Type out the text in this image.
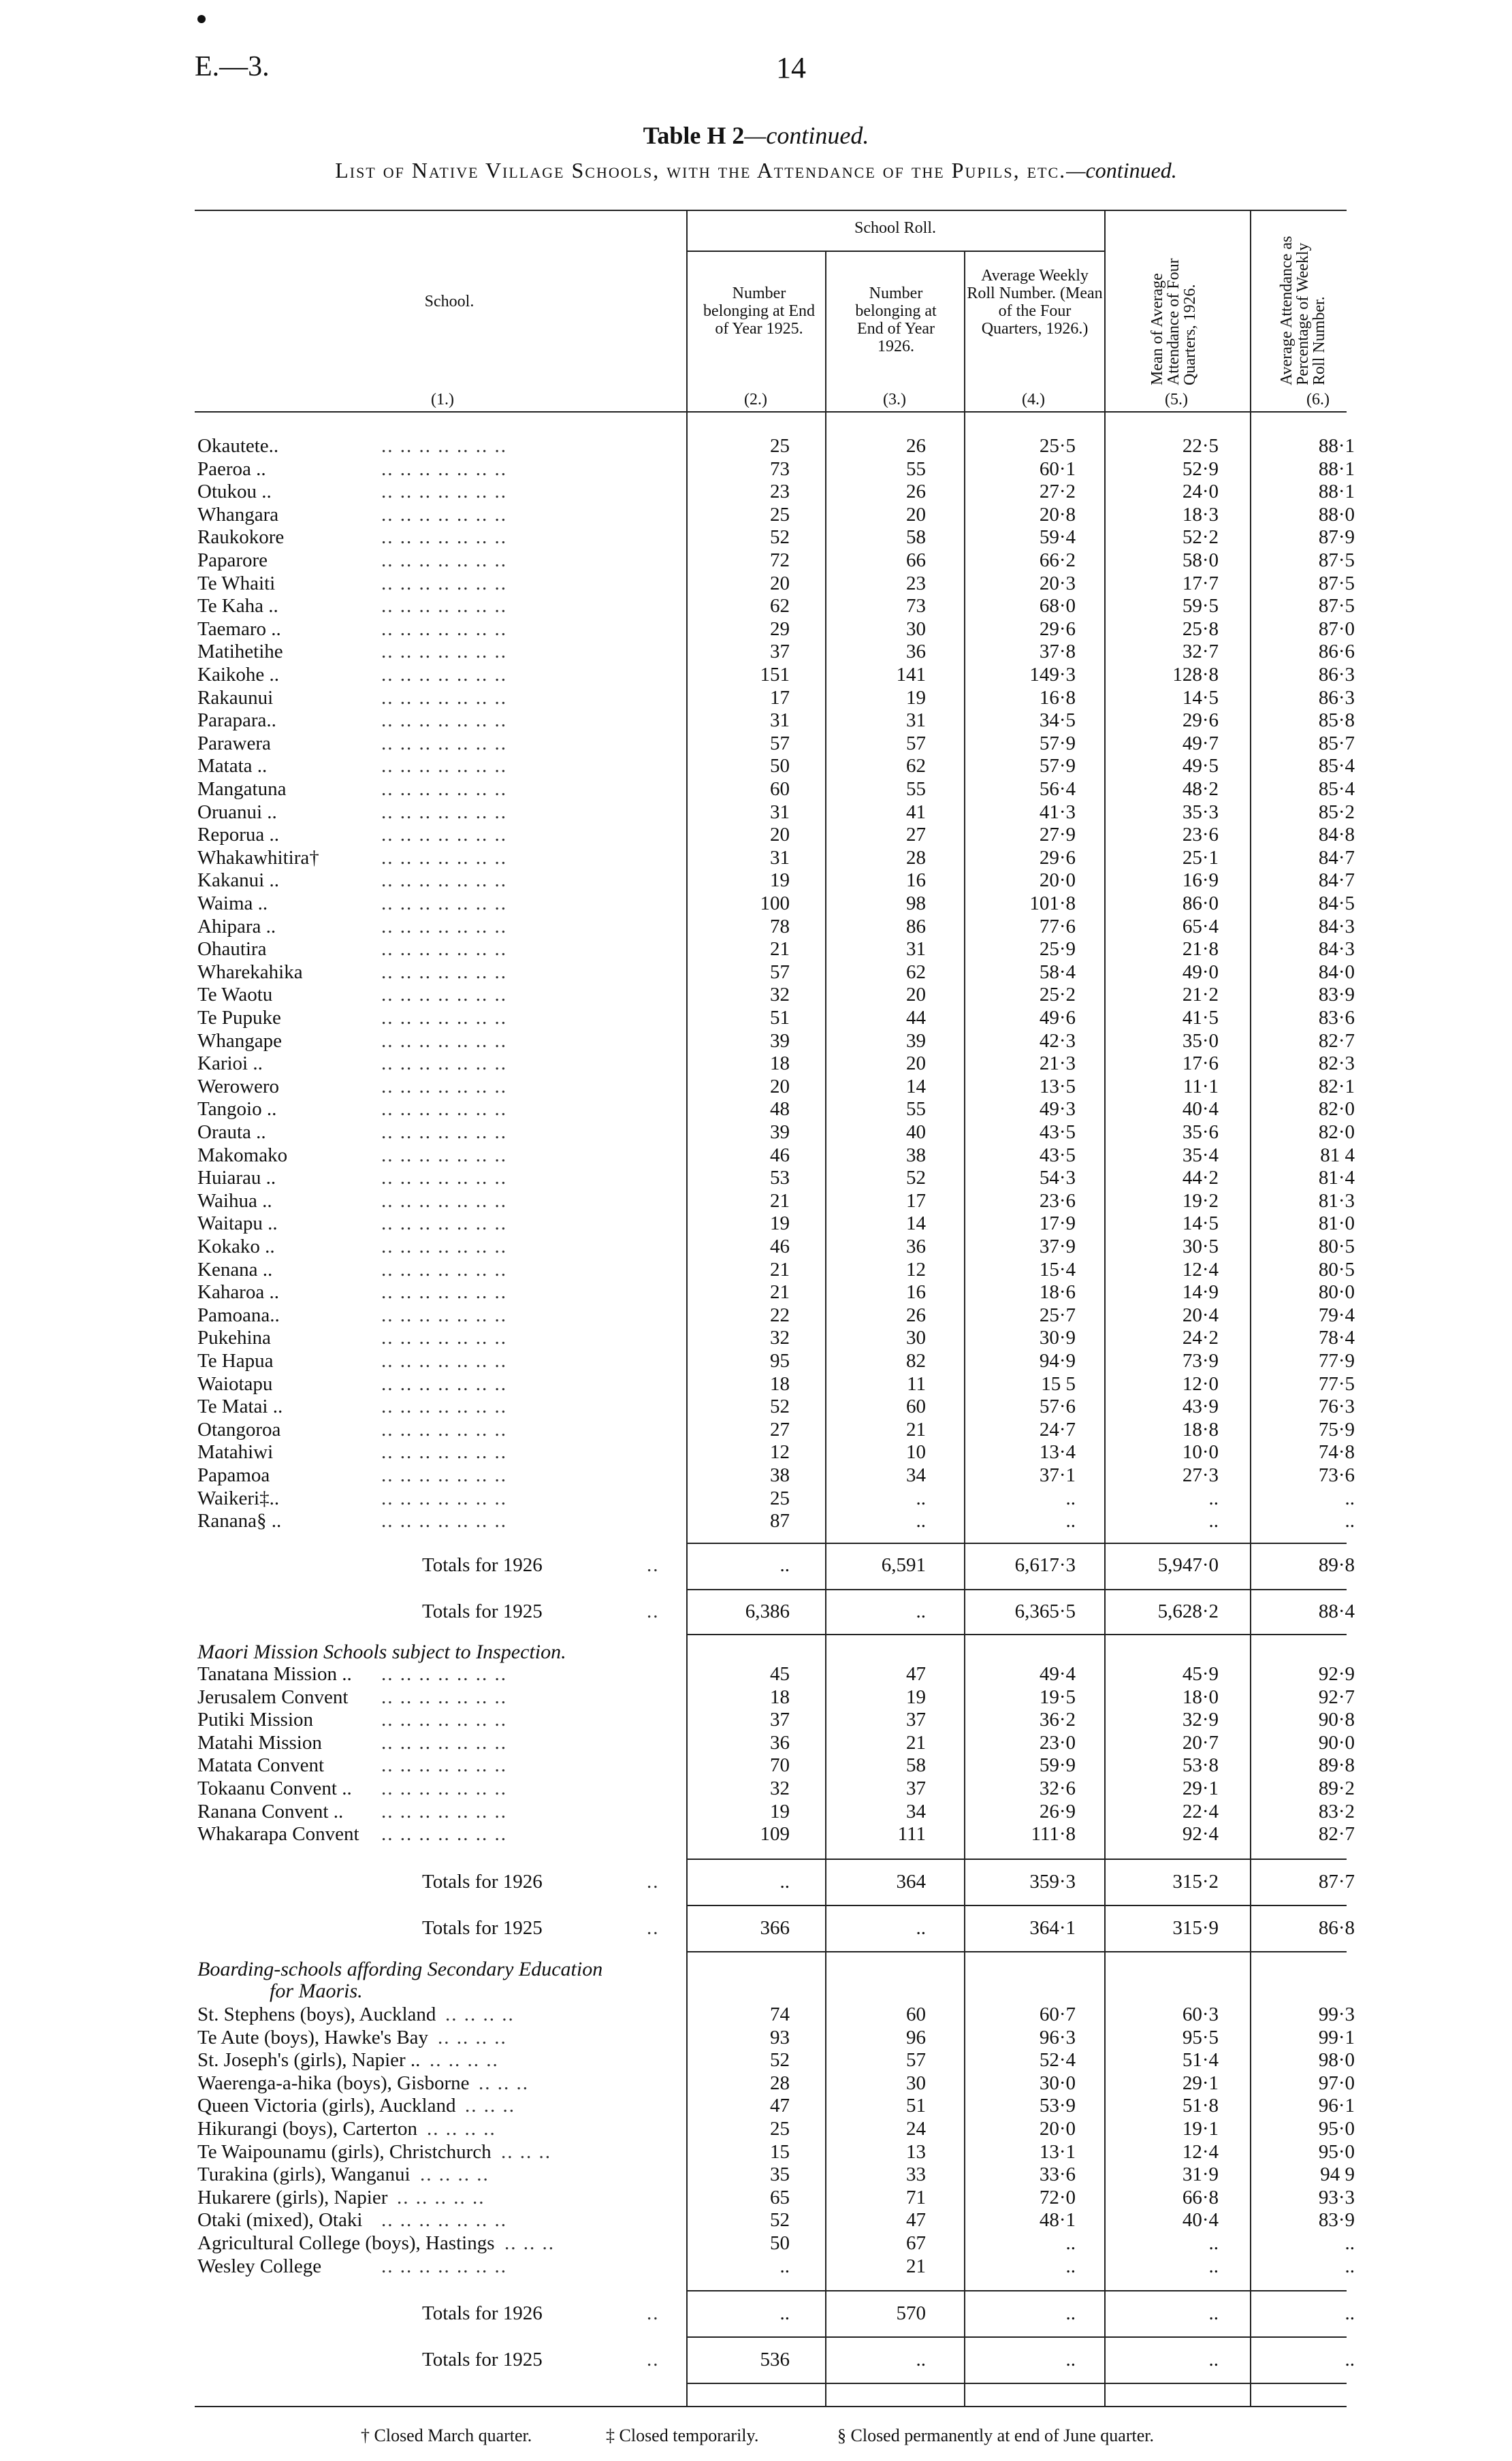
E.—3.	14
Table H 2—continued.
List of Native Village Schools, with the Attendance of the Pupils, etc.—continued.
School.
School Roll.
Number belonging at End of Year 1925.
Number belonging at End of Year 1926.
Average Weekly Roll Number. (Mean of the Four Quarters, 1926.)	Mean of Average Attendance of Four Quarters, 1926.	Average Attendance as Percentage of Weekly Roll Number.
(1.)	(2.)	(3.)	(4.)	(5.)	(6.)
Okautete..	.. .. .. .. .. .. ..	25	26	25·5	22·5	88·1
Paeroa ..	.. .. .. .. .. .. ..	73	55	60·1	52·9	88·1
Otukou ..	.. .. .. .. .. .. ..	23	26	27·2	24·0	88·1
Whangara	.. .. .. .. .. .. ..	25	20	20·8	18·3	88·0
Raukokore	.. .. .. .. .. .. ..	52	58	59·4	52·2	87·9
Paparore	.. .. .. .. .. .. ..	72	66	66·2	58·0	87·5
Te Whaiti	.. .. .. .. .. .. ..	20	23	20·3	17·7	87·5
Te Kaha ..	.. .. .. .. .. .. ..	62	73	68·0	59·5	87·5
Taemaro ..	.. .. .. .. .. .. ..	29	30	29·6	25·8	87·0
Matihetihe	.. .. .. .. .. .. ..	37	36	37·8	32·7	86·6
Kaikohe ..	.. .. .. .. .. .. ..	151	141	149·3	128·8	86·3
Rakaunui	.. .. .. .. .. .. ..	17	19	16·8	14·5	86·3
Parapara..	.. .. .. .. .. .. ..	31	31	34·5	29·6	85·8
Parawera	.. .. .. .. .. .. ..	57	57	57·9	49·7	85·7
Matata ..	.. .. .. .. .. .. ..	50	62	57·9	49·5	85·4
Mangatuna	.. .. .. .. .. .. ..	60	55	56·4	48·2	85·4
Oruanui ..	.. .. .. .. .. .. ..	31	41	41·3	35·3	85·2
Reporua ..	.. .. .. .. .. .. ..	20	27	27·9	23·6	84·8
Whakawhitira†	.. .. .. .. .. .. ..	31	28	29·6	25·1	84·7
Kakanui ..	.. .. .. .. .. .. ..	19	16	20·0	16·9	84·7
Waima ..	.. .. .. .. .. .. ..	100	98	101·8	86·0	84·5
Ahipara ..	.. .. .. .. .. .. ..	78	86	77·6	65·4	84·3
Ohautira	.. .. .. .. .. .. ..	21	31	25·9	21·8	84·3
Wharekahika	.. .. .. .. .. .. ..	57	62	58·4	49·0	84·0
Te Waotu	.. .. .. .. .. .. ..	32	20	25·2	21·2	83·9
Te Pupuke	.. .. .. .. .. .. ..	51	44	49·6	41·5	83·6
Whangape	.. .. .. .. .. .. ..	39	39	42·3	35·0	82·7
Karioi ..	.. .. .. .. .. .. ..	18	20	21·3	17·6	82·3
Werowero	.. .. .. .. .. .. ..	20	14	13·5	11·1	82·1
Tangoio ..	.. .. .. .. .. .. ..	48	55	49·3	40·4	82·0
Orauta ..	.. .. .. .. .. .. ..	39	40	43·5	35·6	82·0
Makomako	.. .. .. .. .. .. ..	46	38	43·5	35·4	81 4
Huiarau ..	.. .. .. .. .. .. ..	53	52	54·3	44·2	81·4
Waihua ..	.. .. .. .. .. .. ..	21	17	23·6	19·2	81·3
Waitapu ..	.. .. .. .. .. .. ..	19	14	17·9	14·5	81·0
Kokako ..	.. .. .. .. .. .. ..	46	36	37·9	30·5	80·5
Kenana ..	.. .. .. .. .. .. ..	21	12	15·4	12·4	80·5
Kaharoa ..	.. .. .. .. .. .. ..	21	16	18·6	14·9	80·0
Pamoana..	.. .. .. .. .. .. ..	22	26	25·7	20·4	79·4
Pukehina	.. .. .. .. .. .. ..	32	30	30·9	24·2	78·4
Te Hapua	.. .. .. .. .. .. ..	95	82	94·9	73·9	77·9
Waiotapu	.. .. .. .. .. .. ..	18	11	15 5	12·0	77·5
Te Matai ..	.. .. .. .. .. .. ..	52	60	57·6	43·9	76·3
Otangoroa	.. .. .. .. .. .. ..	27	21	24·7	18·8	75·9
Matahiwi	.. .. .. .. .. .. ..	12	10	13·4	10·0	74·8
Papamoa	.. .. .. .. .. .. ..	38	34	37·1	27·3	73·6
Waikeri‡..	.. .. .. .. .. .. ..	25	..	..	..	..
Ranana§ ..	.. .. .. .. .. .. ..	87	..	..	..	..
Totals for 1926	..	..	6,591	6,617·3	5,947·0	89·8
Totals for 1925	..	6,386	..	6,365·5	5,628·2	88·4
Maori Mission Schools subject to Inspection.
Tanatana Mission .. .. .. .. .. .. .. ..	45	47	49·4	45·9	92·9
Jerusalem Convent .. .. .. .. .. .. ..	18	19	19·5	18·0	92·7
Putiki Mission	.. .. .. .. .. .. ..	37	37	36·2	32·9	90·8
Matahi Mission	.. .. .. .. .. .. ..	36	21	23·0	20·7	90·0
Matata Convent	.. .. .. .. .. .. ..	70	58	59·9	53·8	89·8
Tokaanu Convent .. .. .. .. .. .. .. ..	32	37	32·6	29·1	89·2
Ranana Convent .. .. .. .. .. .. .. ..	19	34	26·9	22·4	83·2
Whakarapa Convent .. .. .. .. .. .. ..	109	111	111·8	92·4	82·7
Totals for 1926	..	..	364	359·3	315·2	87·7
Totals for 1925	..	366	..	364·1	315·9	86·8
Boarding-schools affording Secondary Education
for Maoris.
St. Stephens (boys), Auckland .. .. .. ..	74	60	60·7	60·3	99·3
Te Aute (boys), Hawke's Bay .. .. .. ..	93	96	96·3	95·5	99·1
St. Joseph's (girls), Napier .. .. .. .. ..	52	57	52·4	51·4	98·0
Waerenga-a-hika (boys), Gisborne .. .. ..	28	30	30·0	29·1	97·0
Queen Victoria (girls), Auckland .. .. ..	47	51	53·9	51·8	96·1
Hikurangi (boys), Carterton .. .. .. ..	25	24	20·0	19·1	95·0
Te Waipounamu (girls), Christchurch .. .. ..	15	13	13·1	12·4	95·0
Turakina (girls), Wanganui .. .. .. ..	35	33	33·6	31·9	94 9
Hukarere (girls), Napier .. .. .. .. ..	65	71	72·0	66·8	93·3
Otaki (mixed), Otaki .. .. .. .. .. .. ..	52	47	48·1	40·4	83·9
Agricultural College (boys), Hastings .. .. ..	50	67	..	..	..
Wesley College	.. .. .. .. .. .. ..	..	21	..	..	..
Totals for 1926	..	..	570	..	..	..
Totals for 1925	..	536	..	..	..	..
† Closed March quarter.	‡ Closed temporarily.	§ Closed permanently at end of June quarter.
